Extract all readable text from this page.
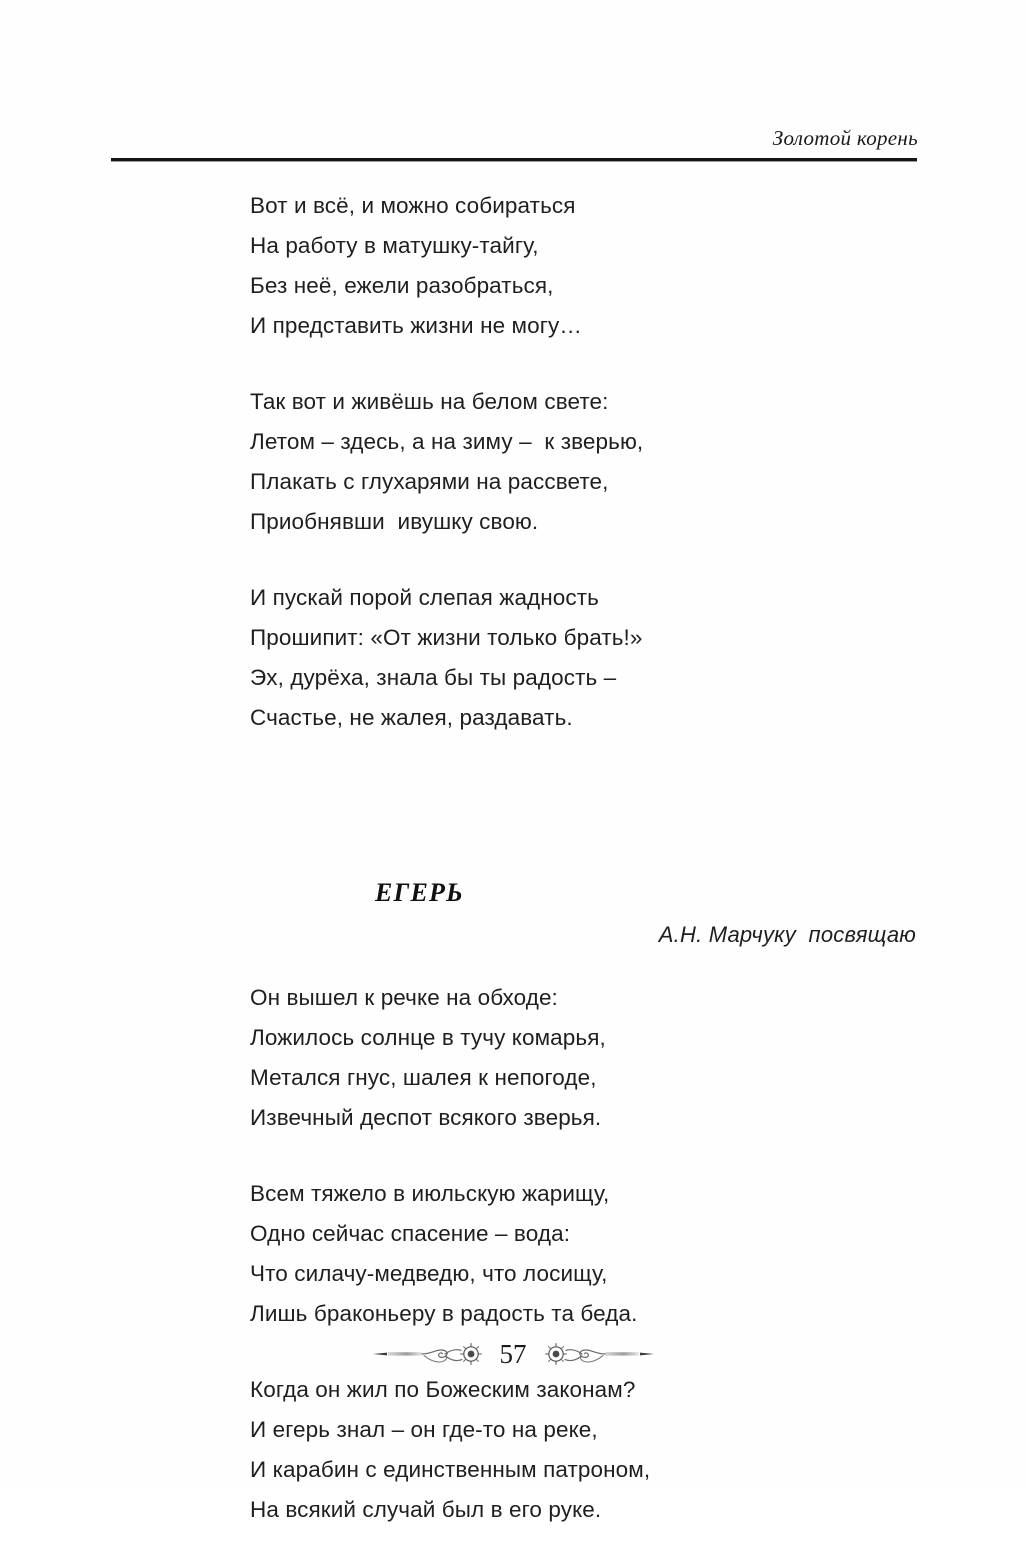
Золотой корень

Вот и всё, и можно собираться

На работу в матушку-тайгу,

Без неё, ежели разобраться,

И представить жизни не могу…

Так вот и живёшь на белом свете:

Летом – здесь, а на зиму –  к зверью,

Плакать с глухарями на рассвете,

Приобнявши  ивушку свою.

И пускай порой слепая жадность

Прошипит: «От жизни только брать!»

Эх, дурёха, знала бы ты радость –

Счастье, не жалея, раздавать.

ЕГЕРЬ

А.Н. Марчуку  посвящаю

Он вышел к речке на обходе:

Ложилось солнце в тучу комарья,

Метался гнус, шалея к непогоде,

Извечный деспот всякого зверья.

Всем тяжело в июльскую жарищу,

Одно сейчас спасение – вода:

Что силачу-медведю, что лосищу,

Лишь браконьеру в радость та беда.

Когда он жил по Божеским законам?

И егерь знал – он где-то на реке,

И карабин с единственным патроном,

На всякий случай был в его руке.

57
